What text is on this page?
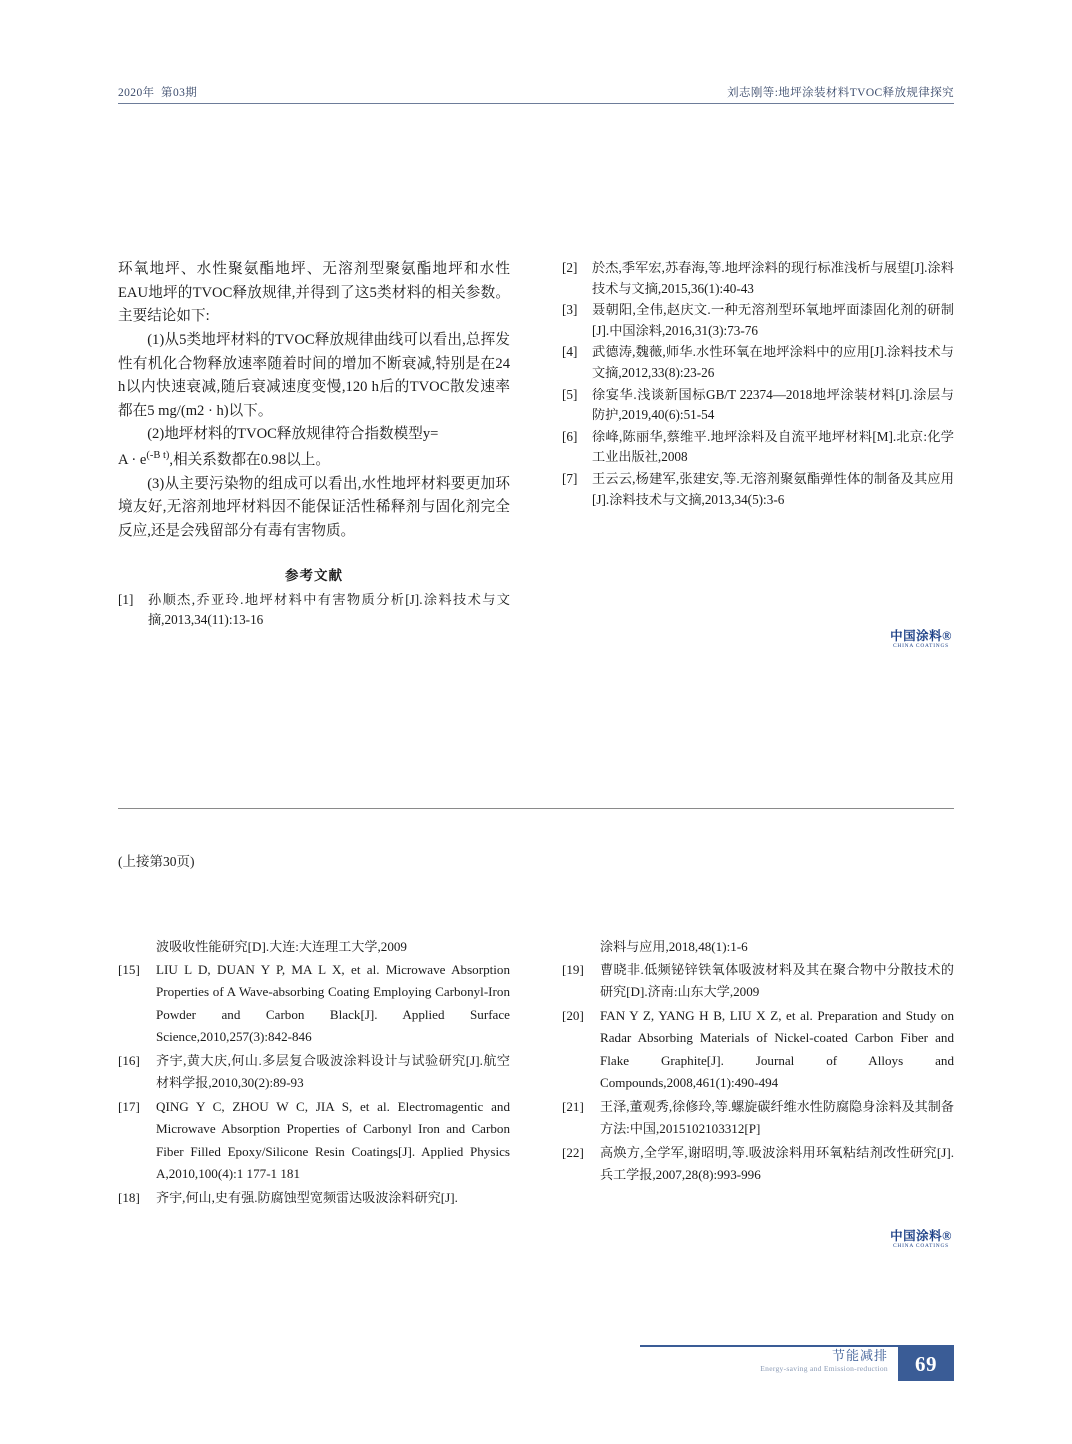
2020年  第03期	刘志刚等:地坪涂装材料TVOC释放规律探究

环氧地坪、水性聚氨酯地坪、无溶剂型聚氨酯地坪和水性EAU地坪的TVOC释放规律,并得到了这5类材料的相关参数。主要结论如下:

(1)从5类地坪材料的TVOC释放规律曲线可以看出,总挥发性有机化合物释放速率随着时间的增加不断衰减,特别是在24 h以内快速衰减,随后衰减速度变慢,120 h后的TVOC散发速率都在5 mg/(m2 · h)以下。

(2)地坪材料的TVOC释放规律符合指数模型y=
$A \cdot e^{(-B t)}$,相关系数都在0.98以上。

(3)从主要污染物的组成可以看出,水性地坪材料要更加环境友好,无溶剂地坪材料因不能保证活性稀释剂与固化剂完全反应,还是会残留部分有毒有害物质。

参考文献
[1]	孙顺杰,乔亚玲.地坪材料中有害物质分析[J].涂料技术与文摘,2013,34(11):13-16
[2]	於杰,季军宏,苏春海,等.地坪涂料的现行标准浅析与展望[J].涂料技术与文摘,2015,36(1):40-43
[3]	聂朝阳,全伟,赵庆文.一种无溶剂型环氧地坪面漆固化剂的研制[J].中国涂料,2016,31(3):73-76
[4]	武德涛,魏薇,师华.水性环氧在地坪涂料中的应用[J].涂料技术与文摘,2012,33(8):23-26
[5]	徐宴华.浅谈新国标GB/T 22374—2018地坪涂装材料[J].涂层与防护,2019,40(6):51-54
[6]	徐峰,陈丽华,蔡维平.地坪涂料及自流平地坪材料[M].北京:化学工业出版社,2008
[7]	王云云,杨建军,张建安,等.无溶剂聚氨酯弹性体的制备及其应用[J].涂料技术与文摘,2013,34(5):3-6
中国涂料®
CHINA COATINGS
(上接第30页)
波吸收性能研究[D].大连:大连理工大学,2009
[15]	LIU L D, DUAN Y P, MA L X, et al. Microwave Absorption Properties of A Wave-absorbing Coating Employing Carbonyl-Iron Powder and Carbon Black[J]. Applied Surface Science,2010,257(3):842-846
[16]	齐宇,黄大庆,何山.多层复合吸波涂料设计与试验研究[J].航空材料学报,2010,30(2):89-93
[17]	QING Y C, ZHOU W C, JIA S, et al. Electromagentic and Microwave Absorption Properties of Carbonyl Iron and Carbon Fiber Filled Epoxy/Silicone Resin Coatings[J]. Applied Physics A,2010,100(4):1 177-1 181
[18]	齐宇,何山,史有强.防腐蚀型宽频雷达吸波涂料研究[J].
涂料与应用,2018,48(1):1-6
[19]	曹晓非.低频铋锌铁氧体吸波材料及其在聚合物中分散技术的研究[D].济南:山东大学,2009
[20]	FAN Y Z, YANG H B, LIU X Z, et al. Preparation and Study on Radar Absorbing Materials of Nickel-coated Carbon Fiber and Flake Graphite[J]. Journal of Alloys and Compounds,2008,461(1):490-494
[21]	王泽,董观秀,徐修玲,等.螺旋碳纤维水性防腐隐身涂料及其制备方法:中国,2015102103312[P]
[22]	高焕方,全学军,谢昭明,等.吸波涂料用环氧粘结剂改性研究[J].兵工学报,2007,28(8):993-996
中国涂料®
CHINA COATINGS
节能减排
Energy-saving and Emission-reduction	69
